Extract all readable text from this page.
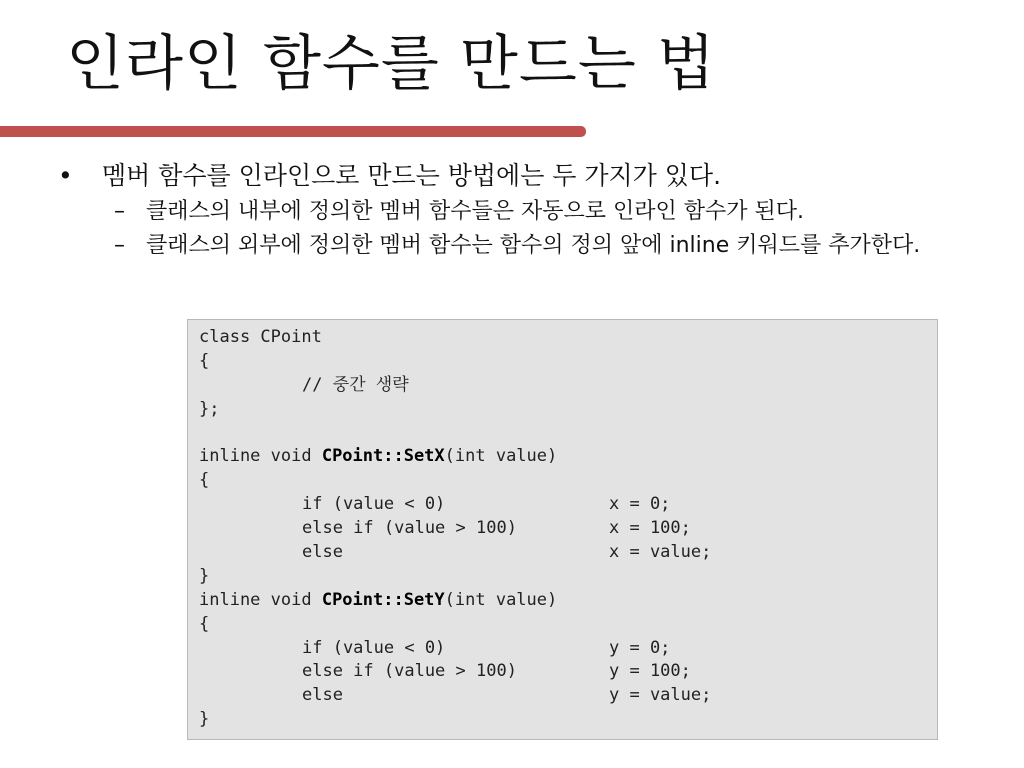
인라인 함수를 만드는 법
• 멤버 함수를 인라인으로 만드는 방법에는 두 가지가 있다.
– 클래스의 내부에 정의한 멤버 함수들은 자동으로 인라인 함수가 된다.
– 클래스의 외부에 정의한 멤버 함수는 함수의 정의 앞에 inline 키워드를 추가한다.
class CPoint
{
// 중간 생략
};
inline void CPoint::SetX (int value)
{
if (value < 0)	x = 0;
else if (value > 100)	x = 100;
else	x = value;
}
inline void CPoint::SetY (int value)
{
if (value < 0)	y = 0;
else if (value > 100)	y = 100;
else	y = value;
}
